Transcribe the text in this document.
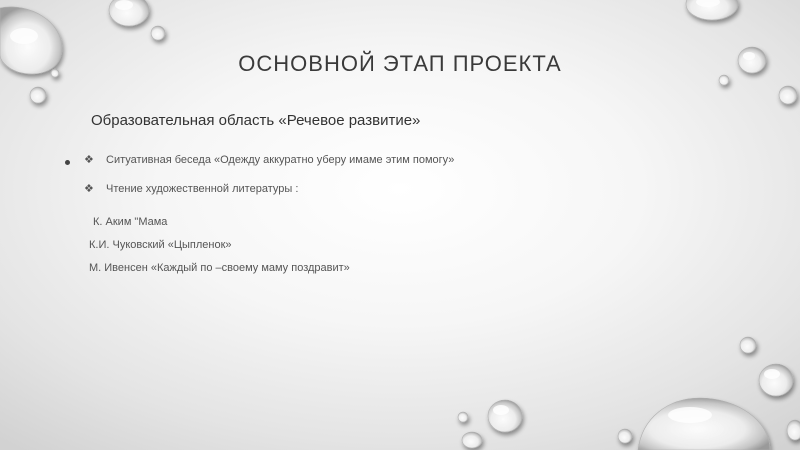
ОСНОВНОЙ ЭТАП ПРОЕКТА

Образовательная область «Речевое развитие»

❖	Ситуативная беседа «Одежду аккуратно уберу имаме этим помогу»
❖	Чтение художественной литературы :

К. Аким "Мама

К.И. Чуковский «Цыпленок»

М. Ивенсен «Каждый по –своему маму поздравит»
